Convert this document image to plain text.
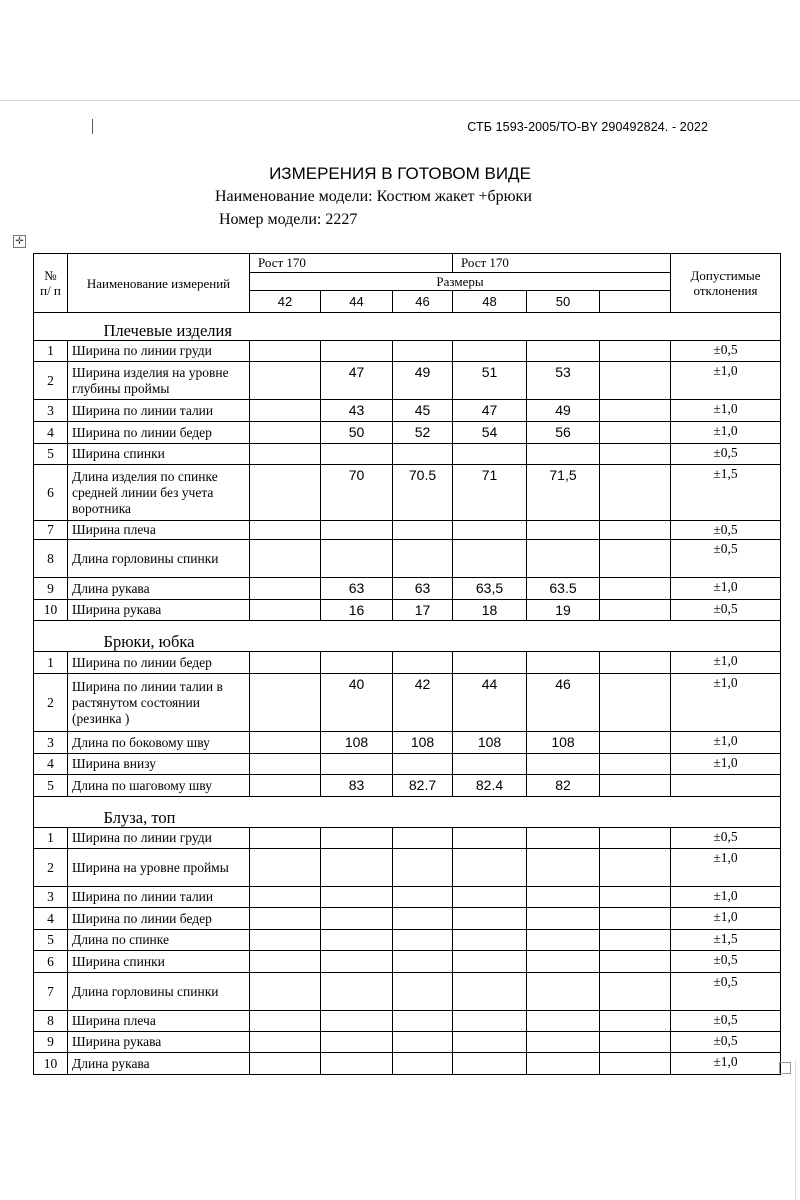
СТБ 1593-2005/ТО-BY 290492824. - 2022
ИЗМЕРЕНИЯ В ГОТОВОМ ВИДЕ
Наименование модели: Костюм жакет +брюки
Номер модели: 2227
✛
№ п/ п	Наименование измерений	Рост 170			Рост 170			Допустимые отклонения
		Размеры						
		42	44	46	48	50		
	Плечевые изделия							
1	Ширина по линии груди							±0,5
2	Ширина изделия на уровне глубины проймы		47	49	51	53		±1,0
3	Ширина по линии талии		43	45	47	49		±1,0
4	Ширина по линии бедер		50	52	54	56		±1,0
5	Ширина спинки							±0,5
6	Длина изделия по спинке средней линии без учета воротника		70	70.5	71	71,5		±1,5
7	Ширина плеча							±0,5
8	Длина горловины спинки							±0,5
9	Длина рукава		63	63	63,5	63.5		±1,0
10	Ширина рукава		16	17	18	19		±0,5
	Брюки, юбка							
1	Ширина по линии бедер							±1,0
2	Ширина по линии талии в растянутом состоянии (резинка )		40	42	44	46		±1,0
3	Длина по боковому шву		108	108	108	108		±1,0
4	Ширина внизу							±1,0
5	Длина по шаговому шву		83	82.7	82.4	82		
	Блуза, топ							
1	Ширина по линии груди							±0,5
2	Ширина на уровне проймы							±1,0
3	Ширина по линии талии							±1,0
4	Ширина по линии бедер							±1,0
5	Длина по спинке							±1,5
6	Ширина спинки							±0,5
7	Длина горловины спинки							±0,5
8	Ширина плеча							±0,5
9	Ширина рукава							±0,5
10	Длина рукава							±1,0
